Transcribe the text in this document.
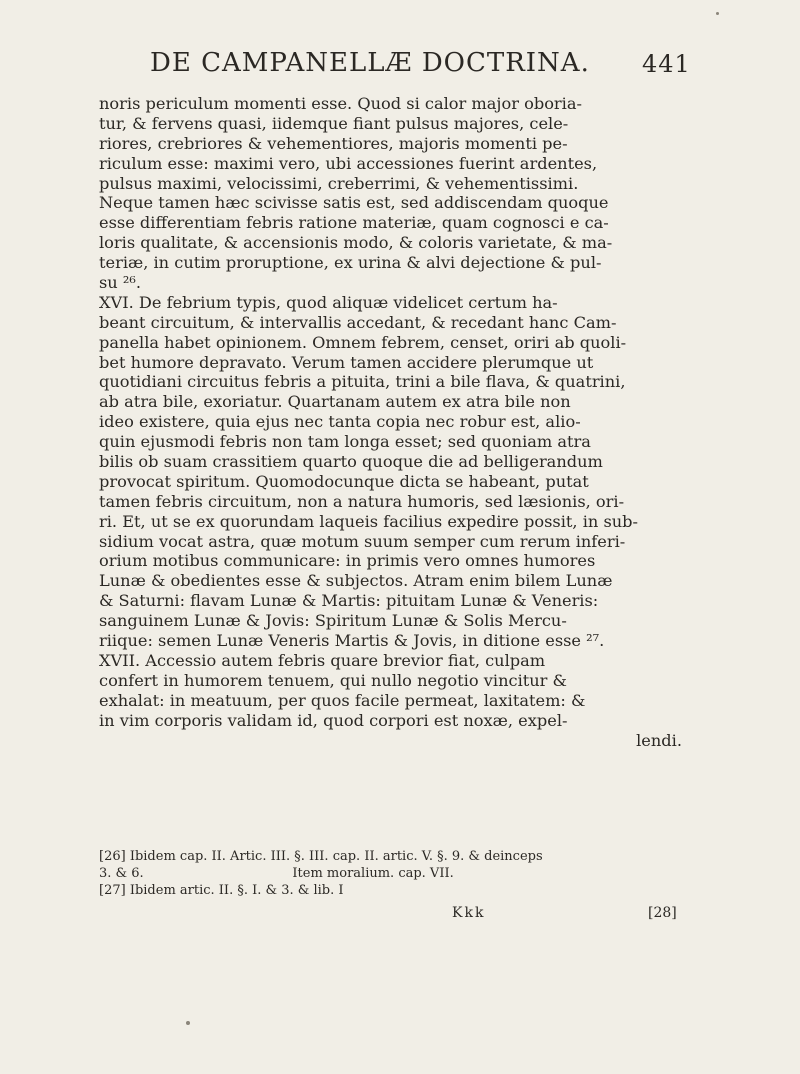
DE CAMPANELLÆ DOCTRINA. 441
noris periculum momenti esse. Quod si calor major oboria-
tur, & fervens quasi, iidemque fiant pulsus majores, cele-
riores, crebriores & vehementiores, majoris momenti pe-
riculum esse: maximi vero, ubi accessiones fuerint ardentes,
pulsus maximi, velocissimi, creberrimi, & vehementissimi.
Neque tamen hæc scivisse satis est, sed addiscendam quoque
esse differentiam febris ratione materiæ, quam cognosci e ca-
loris qualitate, & accensionis modo, & coloris varietate, & ma-
teriæ, in cutim proruptione, ex urina & alvi dejectione & pul-
su ²⁶.
XVI. De febrium typis, quod aliquæ videlicet certum ha-
beant circuitum, & intervallis accedant, & recedant hanc Cam-
panella habet opinionem. Omnem febrem, censet, oriri ab quoli-
bet humore depravato. Verum tamen accidere plerumque ut
quotidiani circuitus febris a pituita, trini a bile flava, & quatrini,
ab atra bile, exoriatur. Quartanam autem ex atra bile non
ideo existere, quia ejus nec tanta copia nec robur est, alio-
quin ejusmodi febris non tam longa esset; sed quoniam atra
bilis ob suam crassitiem quarto quoque die ad belligerandum
provocat spiritum. Quomodocunque dicta se habeant, putat
tamen febris circuitum, non a natura humoris, sed læsionis, ori-
ri. Et, ut se ex quorundam laqueis facilius expedire possit, in sub-
sidium vocat astra, quæ motum suum semper cum rerum inferi-
orium motibus communicare: in primis vero omnes humores
Lunæ & obedientes esse & subjectos. Atram enim bilem Lunæ
& Saturni: flavam Lunæ & Martis: pituitam Lunæ & Veneris:
sanguinem Lunæ & Jovis: Spiritum Lunæ & Solis Mercu-
riique: semen Lunæ Veneris Martis & Jovis, in ditione esse ²⁷.
XVII. Accessio autem febris quare brevior fiat, culpam
confert in humorem tenuem, qui nullo negotio vincitur &
exhalat: in meatuum, per quos facile permeat, laxitatem: &
in vim corporis validam id, quod corpori est noxæ, expel-
lendi.
[26] Ibidem cap. II. Artic. III. §. III. cap. II. artic. V. §. 9. & deinceps
3. & 6.                                    Item moralium. cap. VII.
[27] Ibidem artic. II. §. I. & 3. & lib. I
Kkk	[28]
